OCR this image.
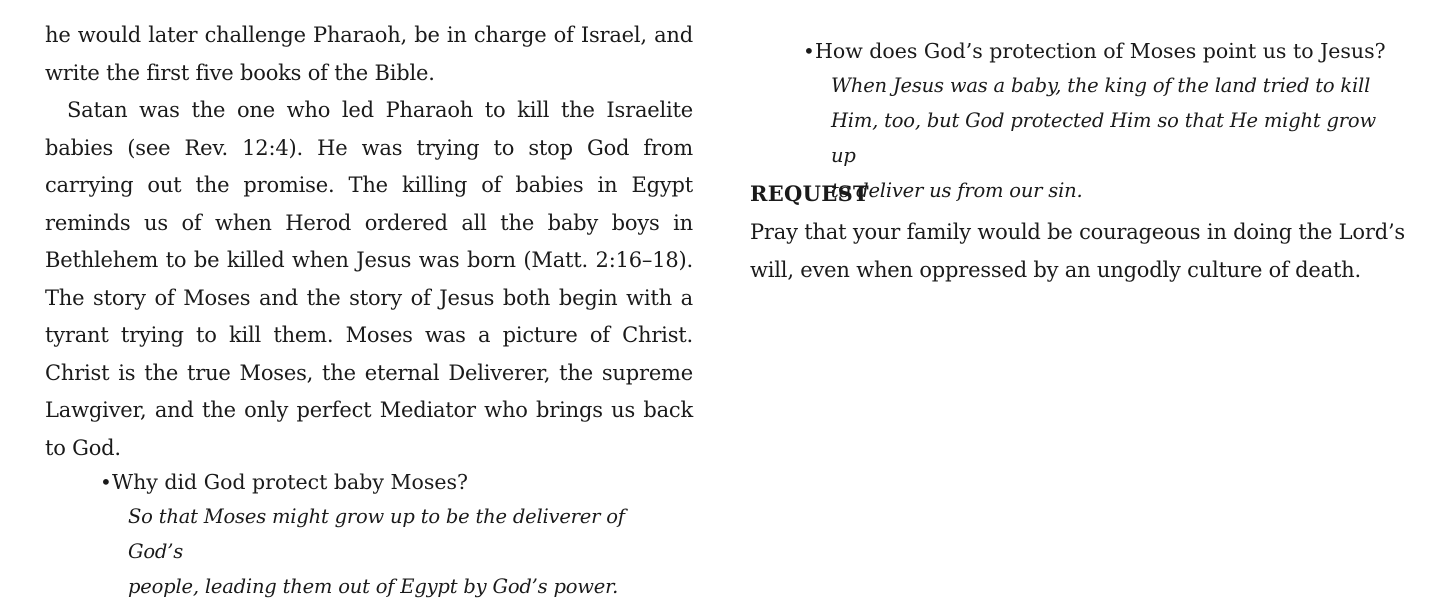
he would later challenge Pharaoh, be in charge of Israel, and write the first five books of the Bible.

Satan was the one who led Pharaoh to kill the Israelite babies (see Rev. 12:4). He was trying to stop God from carrying out the promise. The killing of babies in Egypt reminds us of when Herod ordered all the baby boys in Bethlehem to be killed when Jesus was born (Matt. 2:16–18). The story of Moses and the story of Jesus both begin with a tyrant trying to kill them. Moses was a picture of Christ. Christ is the true Moses, the eternal Deliverer, the supreme Lawgiver, and the only perfect Mediator who brings us back to God.

• Why did God protect baby Moses?

So that Moses might grow up to be the deliverer of God’s

people, leading them out of Egypt by God’s power.

• How does God’s protection of Moses point us to Jesus?

When Jesus was a baby, the king of the land tried to kill

Him, too, but God protected Him so that He might grow up

to deliver us from our sin.

REQUEST

Pray that your family would be courageous in doing the Lord’s will, even when oppressed by an ungodly culture of death.
